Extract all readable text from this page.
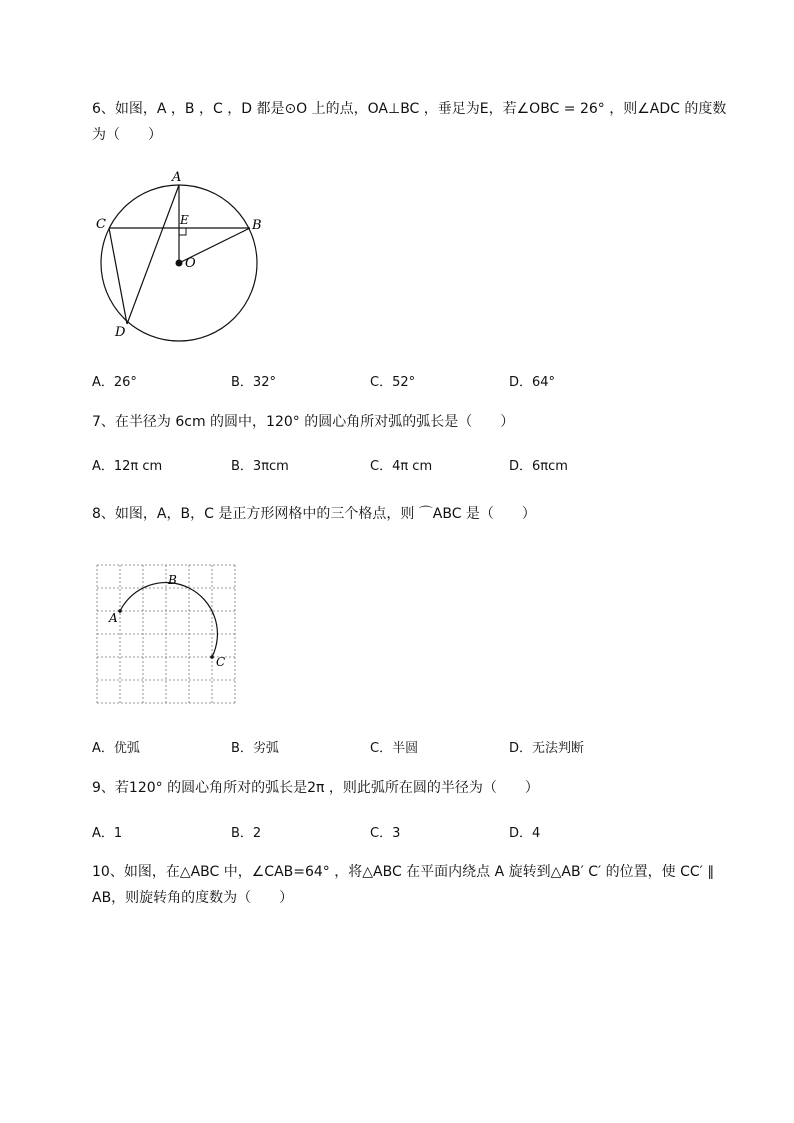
6、如图，A ，B ，C ，D 都是⊙O 上的点，OA⊥BC ，垂足为E，若∠OBC = 26° ，则∠ADC 的度数
为（　　）
A
C	B
E
O
D
A．26°	B．32°	C．52°	D．64°
7、在半径为 6cm 的圆中，120° 的圆心角所对弧的弧长是（　　）
A．12π cm	B．3πcm	C．4π cm	D．6πcm
8、如图，A，B，C 是正方形网格中的三个格点，则 ⌒ABC 是（　　）
A
B
C
A．优弧	B．劣弧	C．半圆	D．无法判断
9、若120° 的圆心角所对的弧长是2π ，则此弧所在圆的半径为（　　）
A．1	B．2	C．3	D．4
10、如图，在△ABC 中，∠CAB=64° ，将△ABC 在平面内绕点 A 旋转到△AB′ C′ 的位置，使 CC′ ∥
AB，则旋转角的度数为（　　）
